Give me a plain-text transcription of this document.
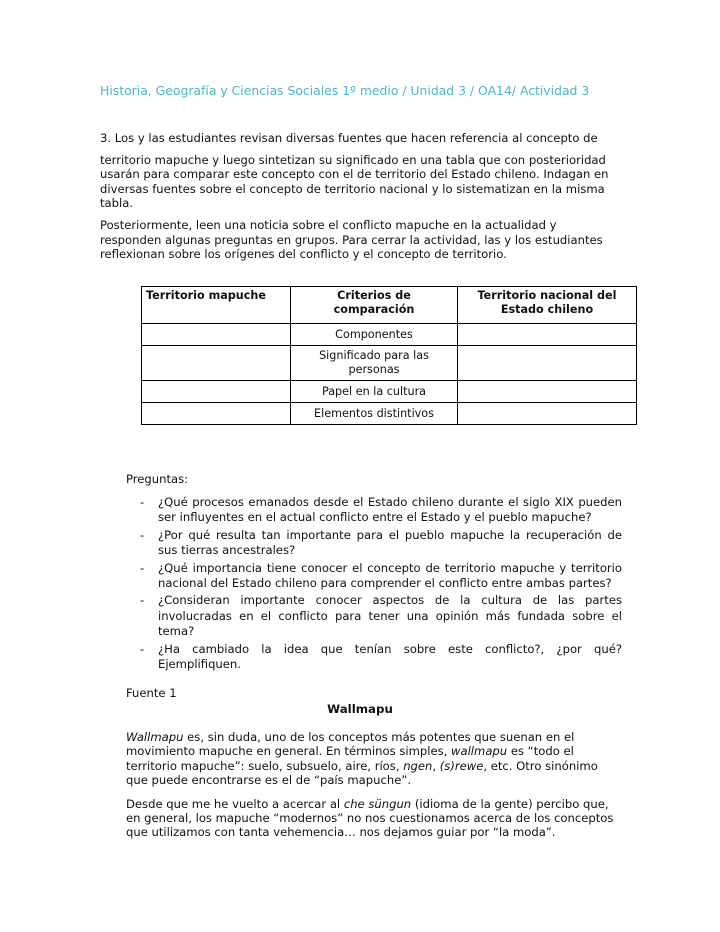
Historia, Geografía y Ciencias Sociales 1º medio / Unidad 3 / OA14/ Actividad 3

3. Los y las estudiantes revisan diversas fuentes que hacen referencia al concepto de

territorio mapuche y luego sintetizan su significado en una tabla que con posterioridad usarán para comparar este concepto con el de territorio del Estado chileno. Indagan en diversas fuentes sobre el concepto de territorio nacional y lo sistematizan en la misma tabla.

Posteriormente, leen una noticia sobre el conflicto mapuche en la actualidad y responden algunas preguntas en grupos. Para cerrar la actividad, las y los estudiantes reflexionan sobre los orígenes del conflicto y el concepto de territorio.

Territorio mapuche	Criterios de comparación	Territorio nacional del Estado chileno
	Componentes	
	Significado para las personas	
	Papel en la cultura	
	Elementos distintivos	
Preguntas:
- ¿Qué procesos emanados desde el Estado chileno durante el siglo XIX pueden ser influyentes en el actual conflicto entre el Estado y el pueblo mapuche?
- ¿Por qué resulta tan importante para el pueblo mapuche la recuperación de sus tierras ancestrales?
- ¿Qué importancia tiene conocer el concepto de territorio mapuche y territorio nacional del Estado chileno para comprender el conflicto entre ambas partes?
- ¿Consideran importante conocer aspectos de la cultura de las partes involucradas en el conflicto para tener una opinión más fundada sobre el tema?
- ¿Ha cambiado la idea que tenían sobre este conflicto?, ¿por qué? Ejemplifiquen.
Fuente 1
Wallmapu

Wallmapu es, sin duda, uno de los conceptos más potentes que suenan en el movimiento mapuche en general. En términos simples, wallmapu es “todo el territorio mapuche”: suelo, subsuelo, aire, ríos, ngen, (s)rewe, etc. Otro sinónimo que puede encontrarse es el de “país mapuche”.

Desde que me he vuelto a acercar al che süngun (idioma de la gente) percibo que, en general, los mapuche “modernos” no nos cuestionamos acerca de los conceptos que utilizamos con tanta vehemencia… nos dejamos guiar por “la moda”.
